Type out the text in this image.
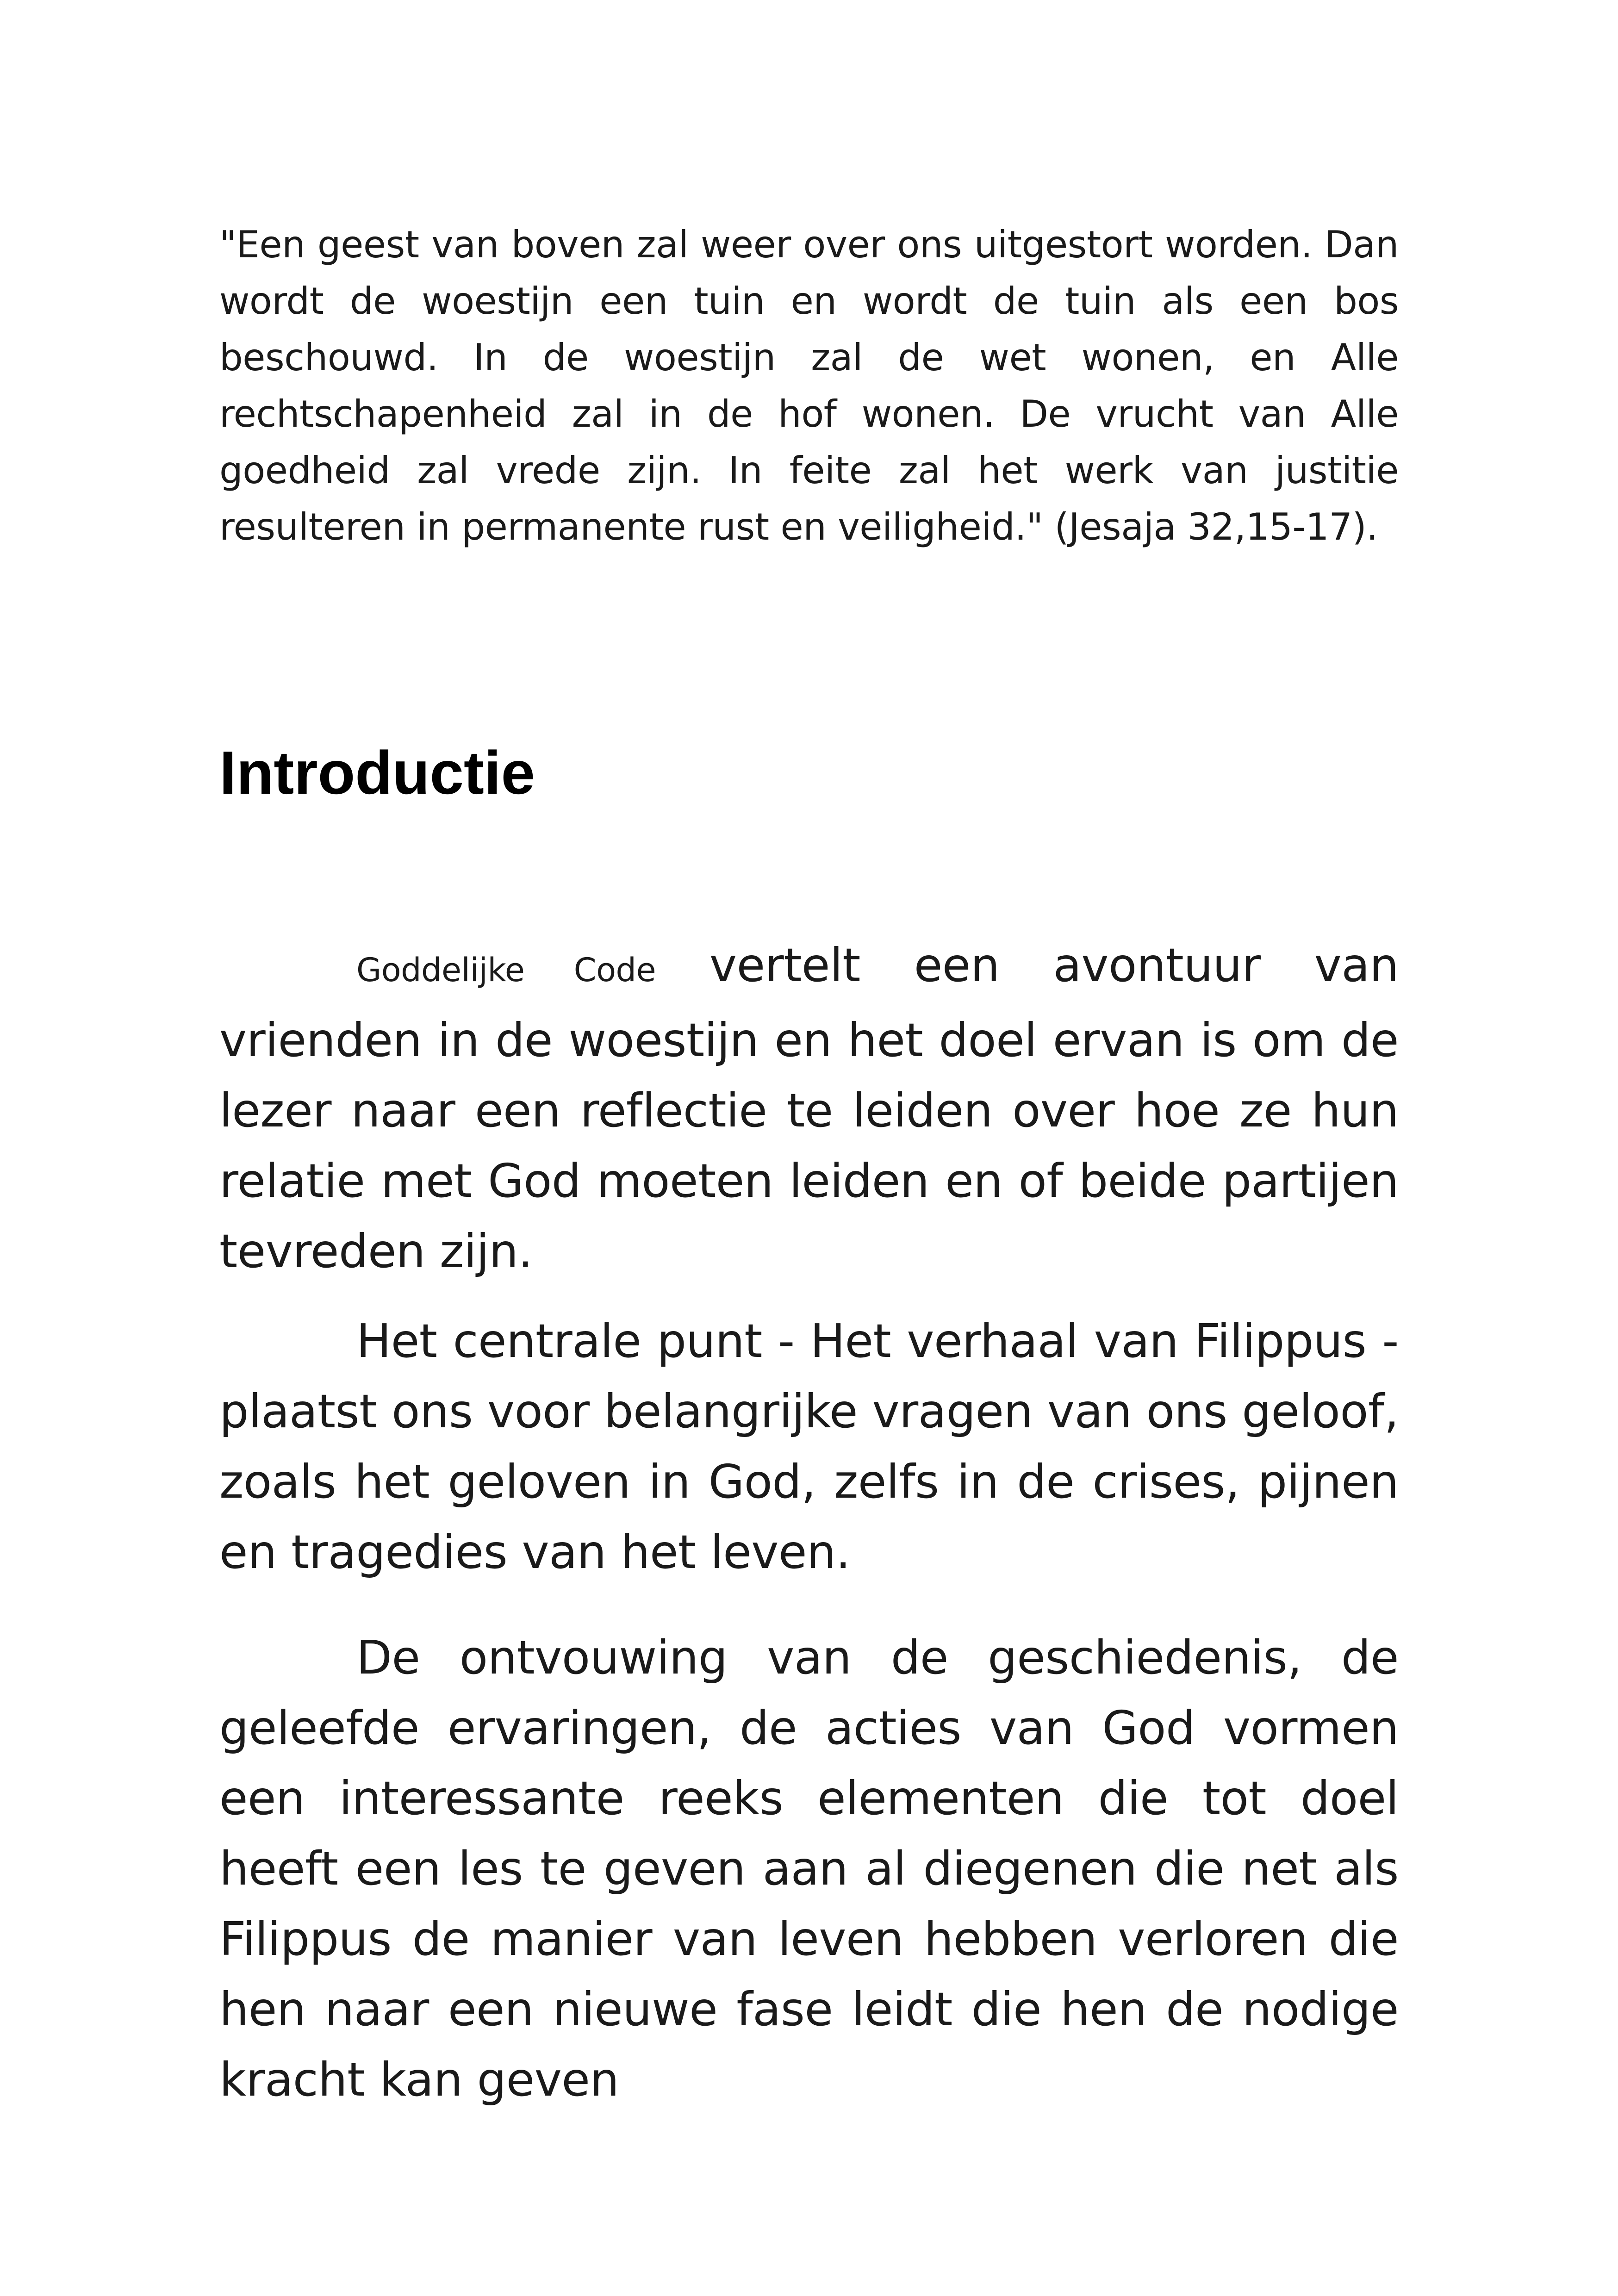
"Een geest van boven zal weer over ons uitgestort worden. Dan wordt de woestijn een tuin en wordt de tuin als een bos beschouwd. In de woestijn zal de wet wonen, en Alle rechtschapenheid zal in de hof wonen. De vrucht van Alle goedheid zal vrede zijn. In feite zal het werk van justitie resulteren in permanente rust en veiligheid." (Jesaja 32,15-17).

Introductie

Goddelijke Code vertelt een avontuur van vrienden in de woestijn en het doel ervan is om de lezer naar een reflectie te leiden over hoe ze hun relatie met God moeten leiden en of beide partijen tevreden zijn.

Het centrale punt - Het verhaal van Filippus - plaatst ons voor belangrijke vragen van ons geloof, zoals het geloven in God, zelfs in de crises, pijnen en tragedies van het leven.

De ontvouwing van de geschiedenis, de geleefde ervaringen, de acties van God vormen een interessante reeks elementen die tot doel heeft een les te geven aan al diegenen die net als Filippus de manier van leven hebben verloren die hen naar een nieuwe fase leidt die hen de nodige kracht kan geven
